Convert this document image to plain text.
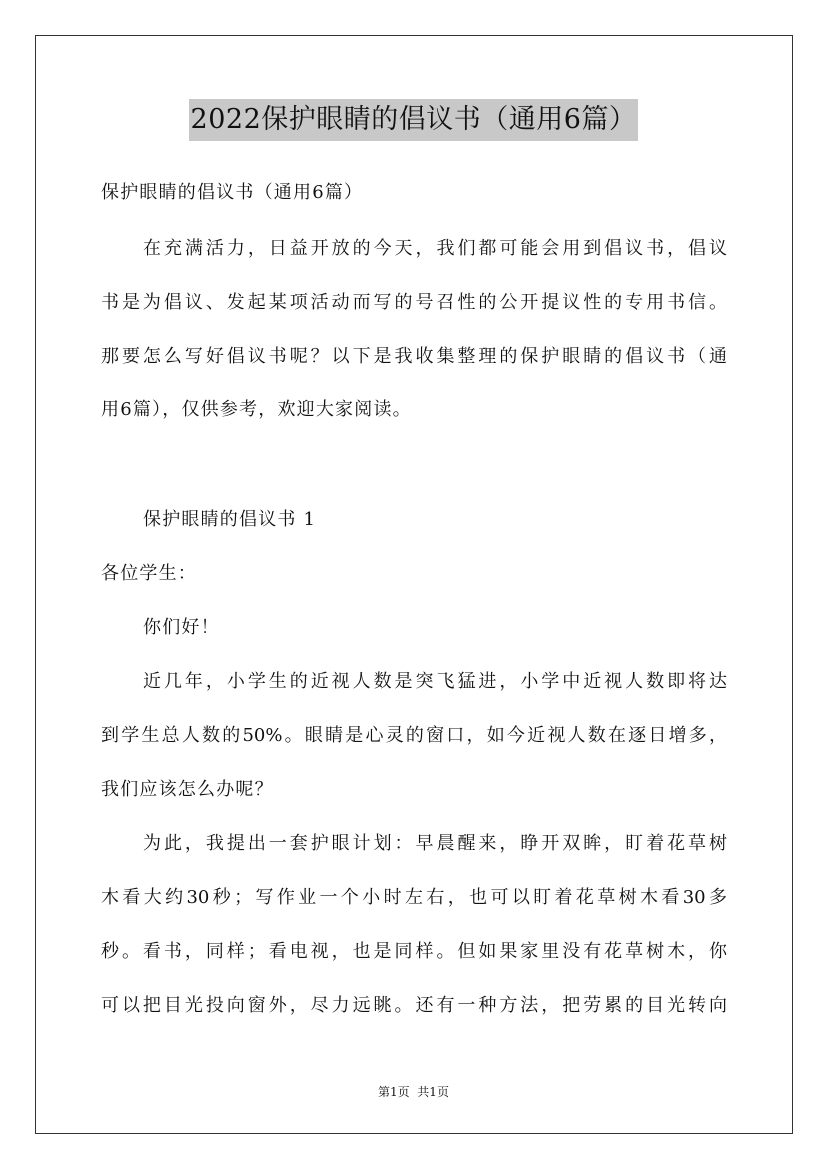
2022保护眼睛的倡议书（通用6篇）
保护眼睛的倡议书（通用6篇）
在充满活力，日益开放的今天，我们都可能会用到倡议书，倡议
书是为倡议、发起某项活动而写的号召性的公开提议性的专用书信。
那要怎么写好倡议书呢？以下是我收集整理的保护眼睛的倡议书（通
用6篇），仅供参考，欢迎大家阅读。
保护眼睛的倡议书 1
各位学生：
你们好！
近几年，小学生的近视人数是突飞猛进，小学中近视人数即将达
到学生总人数的50%。眼睛是心灵的窗口，如今近视人数在逐日增多，
我们应该怎么办呢？
为此，我提出一套护眼计划：早晨醒来，睁开双眸，盯着花草树
木看大约30秒；写作业一个小时左右，也可以盯着花草树木看30多
秒。看书，同样；看电视，也是同样。但如果家里没有花草树木，你
可以把目光投向窗外，尽力远眺。还有一种方法，把劳累的目光转向
第1页  共1页
